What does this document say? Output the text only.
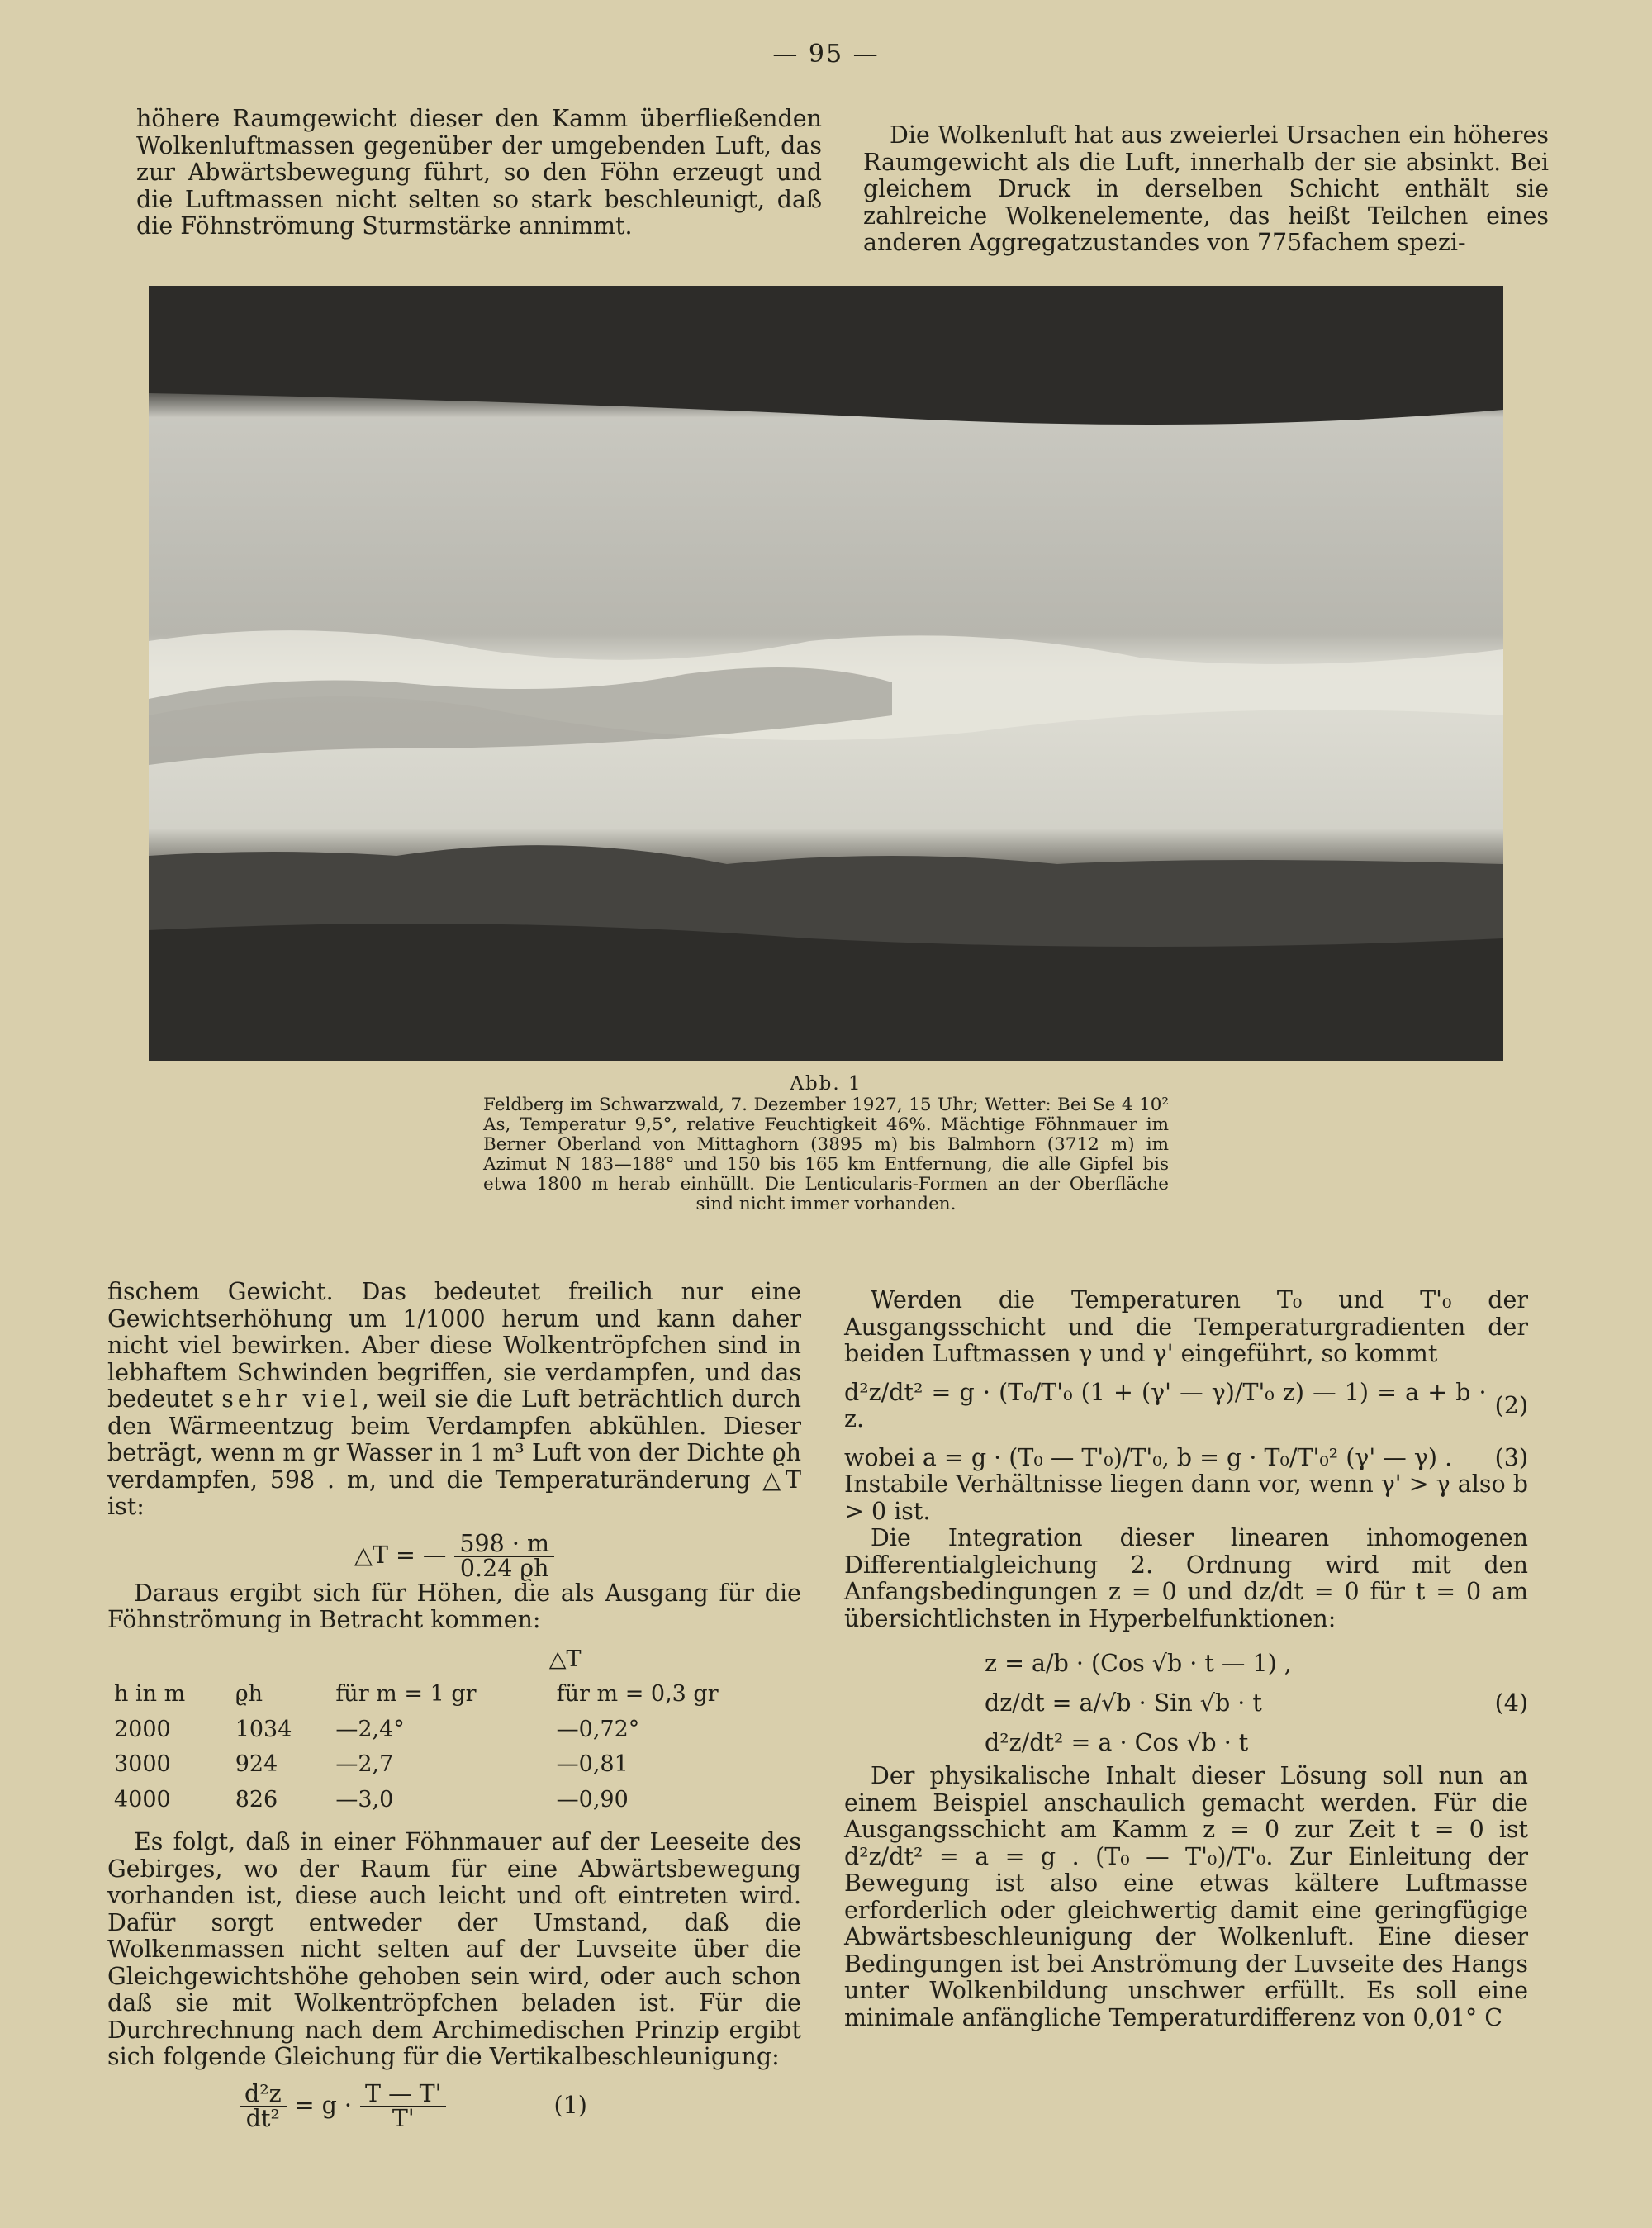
— 95 —

höhere Raumgewicht dieser den Kamm überfließenden Wolkenluftmassen gegenüber der umgebenden Luft, das zur Abwärtsbewegung führt, so den Föhn erzeugt und die Luftmassen nicht selten so stark beschleunigt, daß die Föhnströmung Sturmstärke annimmt.

Die Wolkenluft hat aus zweierlei Ursachen ein höheres Raumgewicht als die Luft, innerhalb der sie absinkt. Bei gleichem Druck in derselben Schicht enthält sie zahlreiche Wolkenelemente, das heißt Teilchen eines anderen Aggregatzustandes von 775fachem spezi-

Abb. 1
Feldberg im Schwarzwald, 7. Dezember 1927, 15 Uhr; Wetter: Bei Se 4 10² As, Temperatur 9,5°, relative Feuchtigkeit 46%. Mächtige Föhnmauer im Berner Oberland von Mittaghorn (3895 m) bis Balmhorn (3712 m) im Azimut N 183—188° und 150 bis 165 km Entfernung, die alle Gipfel bis etwa 1800 m herab einhüllt. Die Lenticularis-Formen an der Oberfläche sind nicht immer vorhanden.

fischem Gewicht. Das bedeutet freilich nur eine Gewichtserhöhung um 1/1000 herum und kann daher nicht viel bewirken. Aber diese Wolkentröpfchen sind in lebhaftem Schwinden begriffen, sie verdampfen, und das bedeutet sehr viel, weil sie die Luft beträchtlich durch den Wärmeentzug beim Verdampfen abkühlen. Dieser beträgt, wenn m gr Wasser in 1 m³ Luft von der Dichte ϱh verdampfen, 598 . m, und die Temperaturänderung △T ist:

△T = — $\frac{598 \cdot m}{0.24 ϱh}$

Daraus ergibt sich für Höhen, die als Ausgang für die Föhnströmung in Betracht kommen:

		△T	
h in m	ϱh	für m = 1 gr	für m = 0,3 gr
2000	1034	—2,4°	—0,72°
3000	924	—2,7	—0,81
4000	826	—3,0	—0,90

Es folgt, daß in einer Föhnmauer auf der Leeseite des Gebirges, wo der Raum für eine Abwärtsbewegung vorhanden ist, diese auch leicht und oft eintreten wird. Dafür sorgt entweder der Umstand, daß die Wolkenmassen nicht selten auf der Luvseite über die Gleichgewichtshöhe gehoben sein wird, oder auch schon daß sie mit Wolkentröpfchen beladen ist. Für die Durchrechnung nach dem Archimedischen Prinzip ergibt sich folgende Gleichung für die Vertikalbeschleunigung:

$\frac{\text{d²z}}{\text{dt²}} = g \cdot \frac{T — T'}{T'}$	(1)

Werden die Temperaturen T₀ und T'₀ der Ausgangsschicht und die Temperaturgradienten der beiden Luftmassen γ und γ' eingeführt, so kommt

d²z/dt² = g · (T₀/T'₀ (1 + (γ' — γ)/T'₀ z) — 1) = a + b · z.	(2)
wobei a = g · (T₀ — T'₀)/T'₀, b = g · T₀/T'₀² (γ' — γ) . (3)

Instabile Verhältnisse liegen dann vor, wenn γ' > γ also b > 0 ist.

Die Integration dieser linearen inhomogenen Differentialgleichung 2. Ordnung wird mit den Anfangsbedingungen z = 0 und dz/dt = 0 für t = 0 am übersichtlichsten in Hyperbelfunktionen:

z = a/b · (Cos √b · t — 1) ,
dz/dt = a/√b · Sin √b · t
d²z/dt² = a · Cos √b · t
(4)

Der physikalische Inhalt dieser Lösung soll nun an einem Beispiel anschaulich gemacht werden. Für die Ausgangsschicht am Kamm z = 0 zur Zeit t = 0 ist d²z/dt² = a = g . (T₀ — T'₀)/T'₀. Zur Einleitung der Bewegung ist also eine etwas kältere Luftmasse erforderlich oder gleichwertig damit eine geringfügige Abwärtsbeschleunigung der Wolkenluft. Eine dieser Bedingungen ist bei Anströmung der Luvseite des Hangs unter Wolkenbildung unschwer erfüllt. Es soll eine minimale anfängliche Temperaturdifferenz von 0,01° C
